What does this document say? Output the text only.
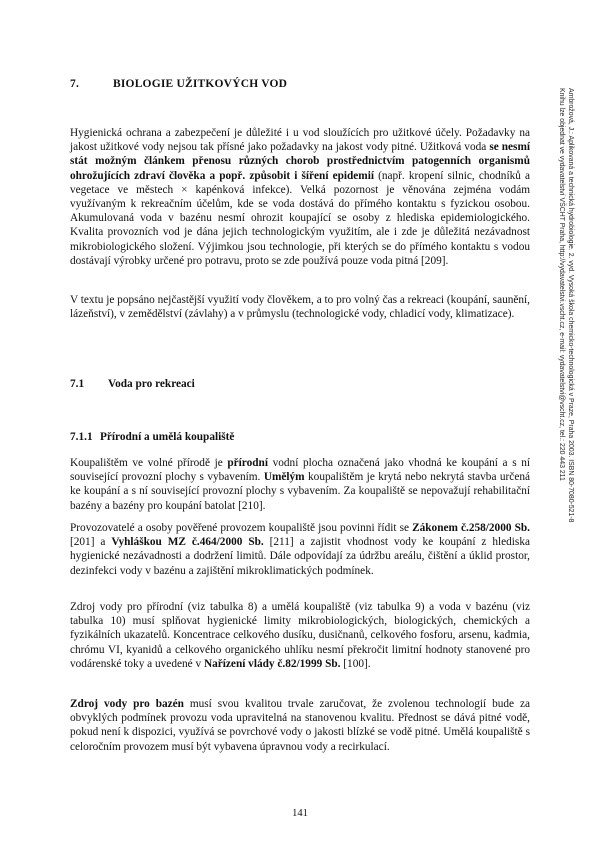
7.	BIOLOGIE UŽITKOVÝCH VOD

Hygienická ochrana a zabezpečení je důležité i u vod sloužících pro užitkové účely. Požadavky na jakost užitkové vody nejsou tak přísné jako požadavky na jakost vody pitné. Užitková voda se nesmí stát možným článkem přenosu různých chorob prostřednictvím patogenních organismů ohrožujících zdraví člověka a popř. způsobit i šíření epidemií (např. kropení silnic, chodníků a vegetace ve městech × kapénková infekce). Velká pozornost je věnována zejména vodám využívaným k rekreačním účelům, kde se voda dostává do přímého kontaktu s fyzickou osobou. Akumulovaná voda v bazénu nesmí ohrozit koupající se osoby z hlediska epidemiologického. Kvalita provozních vod je dána jejich technologickým využitím, ale i zde je důležitá nezávadnost mikrobiologického složení. Výjimkou jsou technologie, při kterých se do přímého kontaktu s vodou dostávají výrobky určené pro potravu, proto se zde používá pouze voda pitná [209].

V textu je popsáno nejčastější využití vody člověkem, a to pro volný čas a rekreaci (koupání, saunění, lázeňství), v zemědělství (závlahy) a v průmyslu (technologické vody, chladicí vody, klimatizace).

7.1 Voda pro rekreaci
7.1.1 Přírodní a umělá koupaliště

Koupalištěm ve volné přírodě je přírodní vodní plocha označená jako vhodná ke koupání a s ní související provozní plochy s vybavením. Umělým koupalištěm je krytá nebo nekrytá stavba určená ke koupání a s ní související provozní plochy s vybavením. Za koupaliště se nepovažují rehabilitační bazény a bazény pro koupání batolat [210].

Provozovatelé a osoby pověřené provozem koupaliště jsou povinni řídit se Zákonem č.258/2000 Sb. [201] a Vyhláškou MZ č.464/2000 Sb. [211] a zajistit vhodnost vody ke koupání z hlediska hygienické nezávadnosti a dodržení limitů. Dále odpovídají za údržbu areálu, čištění a úklid prostor, dezinfekci vody v bazénu a zajištění mikroklimatických podmínek.

Zdroj vody pro přírodní (viz tabulka 8) a umělá koupaliště (viz tabulka 9) a voda v bazénu (viz tabulka 10) musí splňovat hygienické limity mikrobiologických, biologických, chemických a fyzikálních ukazatelů. Koncentrace celkového dusíku, dusičnanů, celkového fosforu, arsenu, kadmia, chrómu VI, kyanidů a celkového organického uhlíku nesmí překročit limitní hodnoty stanovené pro vodárenské toky a uvedené v Nařízení vlády č.82/1999 Sb. [100].

Zdroj vody pro bazén musí svou kvalitou trvale zaručovat, že zvolenou technologií bude za obvyklých podmínek provozu voda upravitelná na stanovenou kvalitu. Přednost se dává pitné vodě, pokud není k dispozici, využívá se povrchové vody o jakosti blízké se vodě pitné. Umělá koupaliště s celoročním provozem musí být vybavena úpravnou vody a recirkulací.

141
Ambrožová, J.: Aplikovaná a technická hydrobiologie. 2. vyd. Vysoká škola chemicko-technologická v Praze, Praha 2003. ISBN 80-7080-521-8
Knihu lze objednat ve vydavatelství VŠCHT Praha, http://vydavatelstvi.vscht.cz, e-mail: vydavatelstvi@vscht.cz, tel.: 220 443 211
